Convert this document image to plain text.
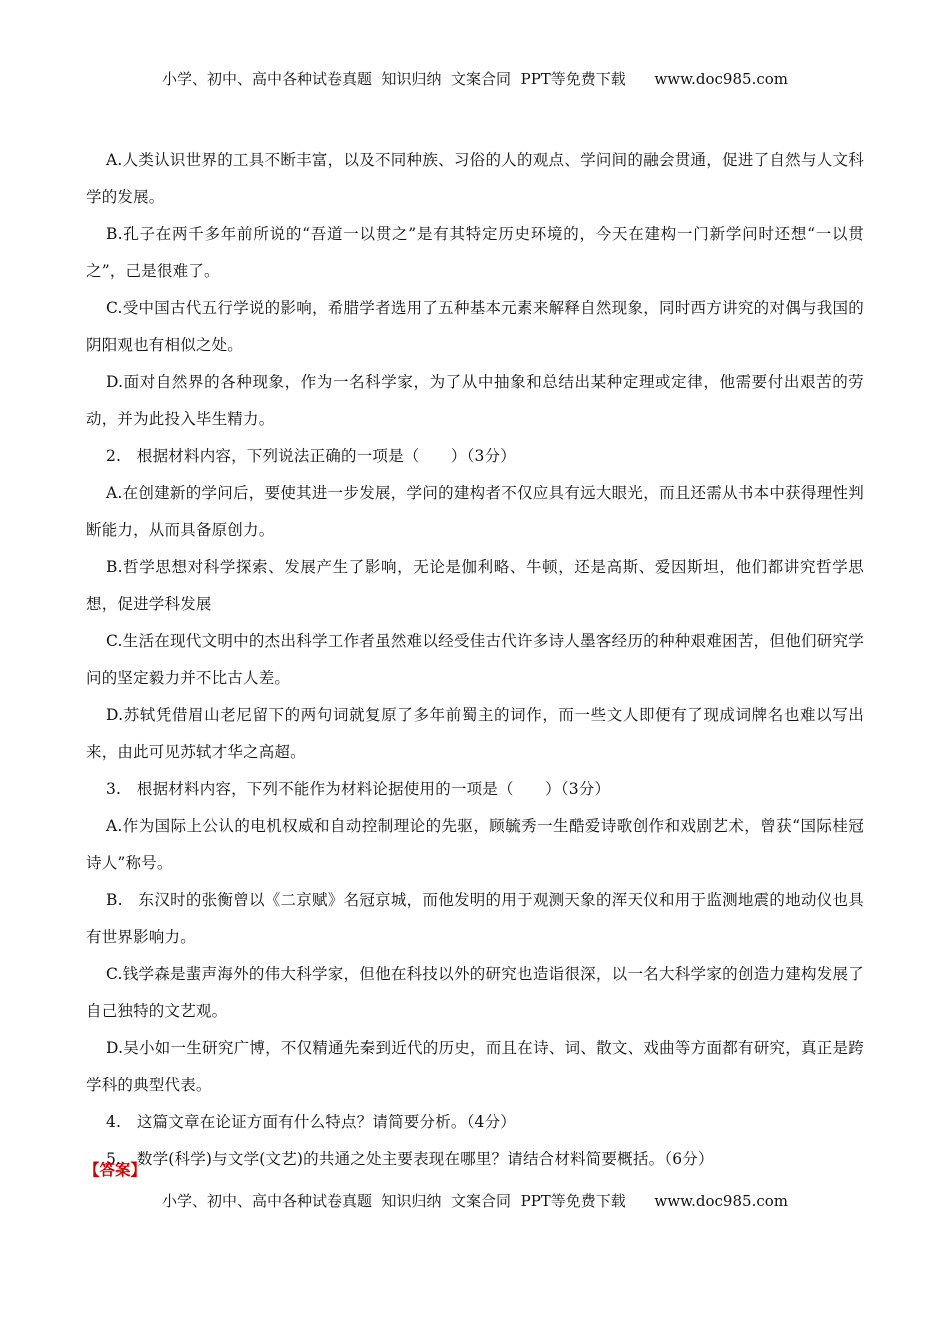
小学、初中、高中各种试卷真题  知识归纳  文案合同  PPT等免费下载      www.doc985.com

A.人类认识世界的工具不断丰富，以及不同种族、习俗的人的观点、学问间的融会贯通，促进了自然与人文科学的发展。

B.孔子在两千多年前所说的“吾道一以贯之”是有其特定历史环境的，今天在建构一门新学问时还想“一以贯之”，己是很难了。

C.受中国古代五行学说的影响，希腊学者选用了五种基本元素来解释自然现象，同时西方讲究的对偶与我国的阴阳观也有相似之处。

D.面对自然界的各种现象，作为一名科学家，为了从中抽象和总结出某种定理或定律，他需要付出艰苦的劳动，并为此投入毕生精力。

2.　根据材料内容，下列说法正确的一项是（　　）（3分）

A.在创建新的学问后，要使其进一步发展，学问的建构者不仅应具有远大眼光，而且还需从书本中获得理性判断能力，从而具备原创力。

B.哲学思想对科学探索、发展产生了影响，无论是伽利略、牛顿，还是高斯、爱因斯坦，他们都讲究哲学思想，促进学科发展

C.生活在现代文明中的杰出科学工作者虽然难以经受佳古代许多诗人墨客经历的种种艰难困苦，但他们研究学问的坚定毅力并不比古人差。

D.苏轼凭借眉山老尼留下的两句词就复原了多年前蜀主的词作，而一些文人即便有了现成词牌名也难以写出来，由此可见苏轼才华之高超。

3.　根据材料内容，下列不能作为材料论据使用的一项是（　　）（3分）

A.作为国际上公认的电机权威和自动控制理论的先驱，顾毓秀一生酷爱诗歌创作和戏剧艺术，曾获“国际桂冠诗人”称号。

B.　东汉时的张衡曾以《二京赋》名冠京城，而他发明的用于观测天象的浑天仪和用于监测地震的地动仪也具有世界影响力。

C.钱学森是蜚声海外的伟大科学家，但他在科技以外的研究也造诣很深，以一名大科学家的创造力建构发展了自己独特的文艺观。

D.吴小如一生研究广博，不仅精通先秦到近代的历史，而且在诗、词、散文、戏曲等方面都有研究，真正是跨学科的典型代表。

4.　这篇文章在论证方面有什么特点？请简要分析。（4分）

5.　数学(科学)与文学(文艺)的共通之处主要表现在哪里？请结合材料简要概括。（6分）

【答案】
小学、初中、高中各种试卷真题  知识归纳  文案合同  PPT等免费下载      www.doc985.com
